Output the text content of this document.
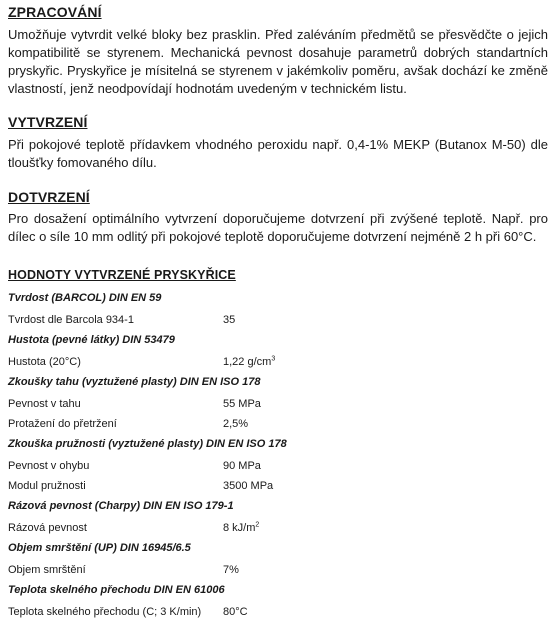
ZPRACOVÁNÍ

Umožňuje vytvrdit velké bloky bez prasklin. Před zaléváním předmětů se přesvědčte o jejich kompatibilitě se styrenem. Mechanická pevnost dosahuje parametrů dobrých standartních pryskyřic. Pryskyřice je mísitelná se styrenem v jakémkoliv poměru, avšak dochází ke změně vlastností, jenž neodpovídají hodnotám uvedeným v technickém listu.

VYTVRZENÍ

Při pokojové teplotě přídavkem vhodného peroxidu např. 0,4-1% MEKP (Butanox M-50) dle tloušťky fomovaného dílu.

DOTVRZENÍ

Pro dosažení optimálního vytvrzení doporučujeme dotvrzení při zvýšené teplotě. Např. pro dílec o síle 10 mm odlitý při pokojové teplotě doporučujeme dotvrzení nejméně 2 h při 60°C.

HODNOTY VYTVRZENÉ PRYSKYŘICE
Tvrdost (BARCOL) DIN EN 59
Tvrdost dle Barcola 934-1	35
Hustota (pevné látky) DIN 53479
Hustota (20°C)	1,22 $g/cm^3$
Zkoušky tahu (vyztužené plasty) DIN EN ISO 178
Pevnost v tahu	55 MPa
Protažení do přetržení	2,5%
Zkouška pružnosti (vyztužené plasty) DIN EN ISO 178
Pevnost v ohybu	90 MPa
Modul pružnosti	3500 MPa
Rázová pevnost (Charpy) DIN EN ISO 179-1
Rázová pevnost	8 $kJ/m^2$
Objem smrštění (UP) DIN 16945/6.5
Objem smrštění	7%
Teplota skelného přechodu DIN EN 61006
Teplota skelného přechodu (C; 3 K/min) 80°C
